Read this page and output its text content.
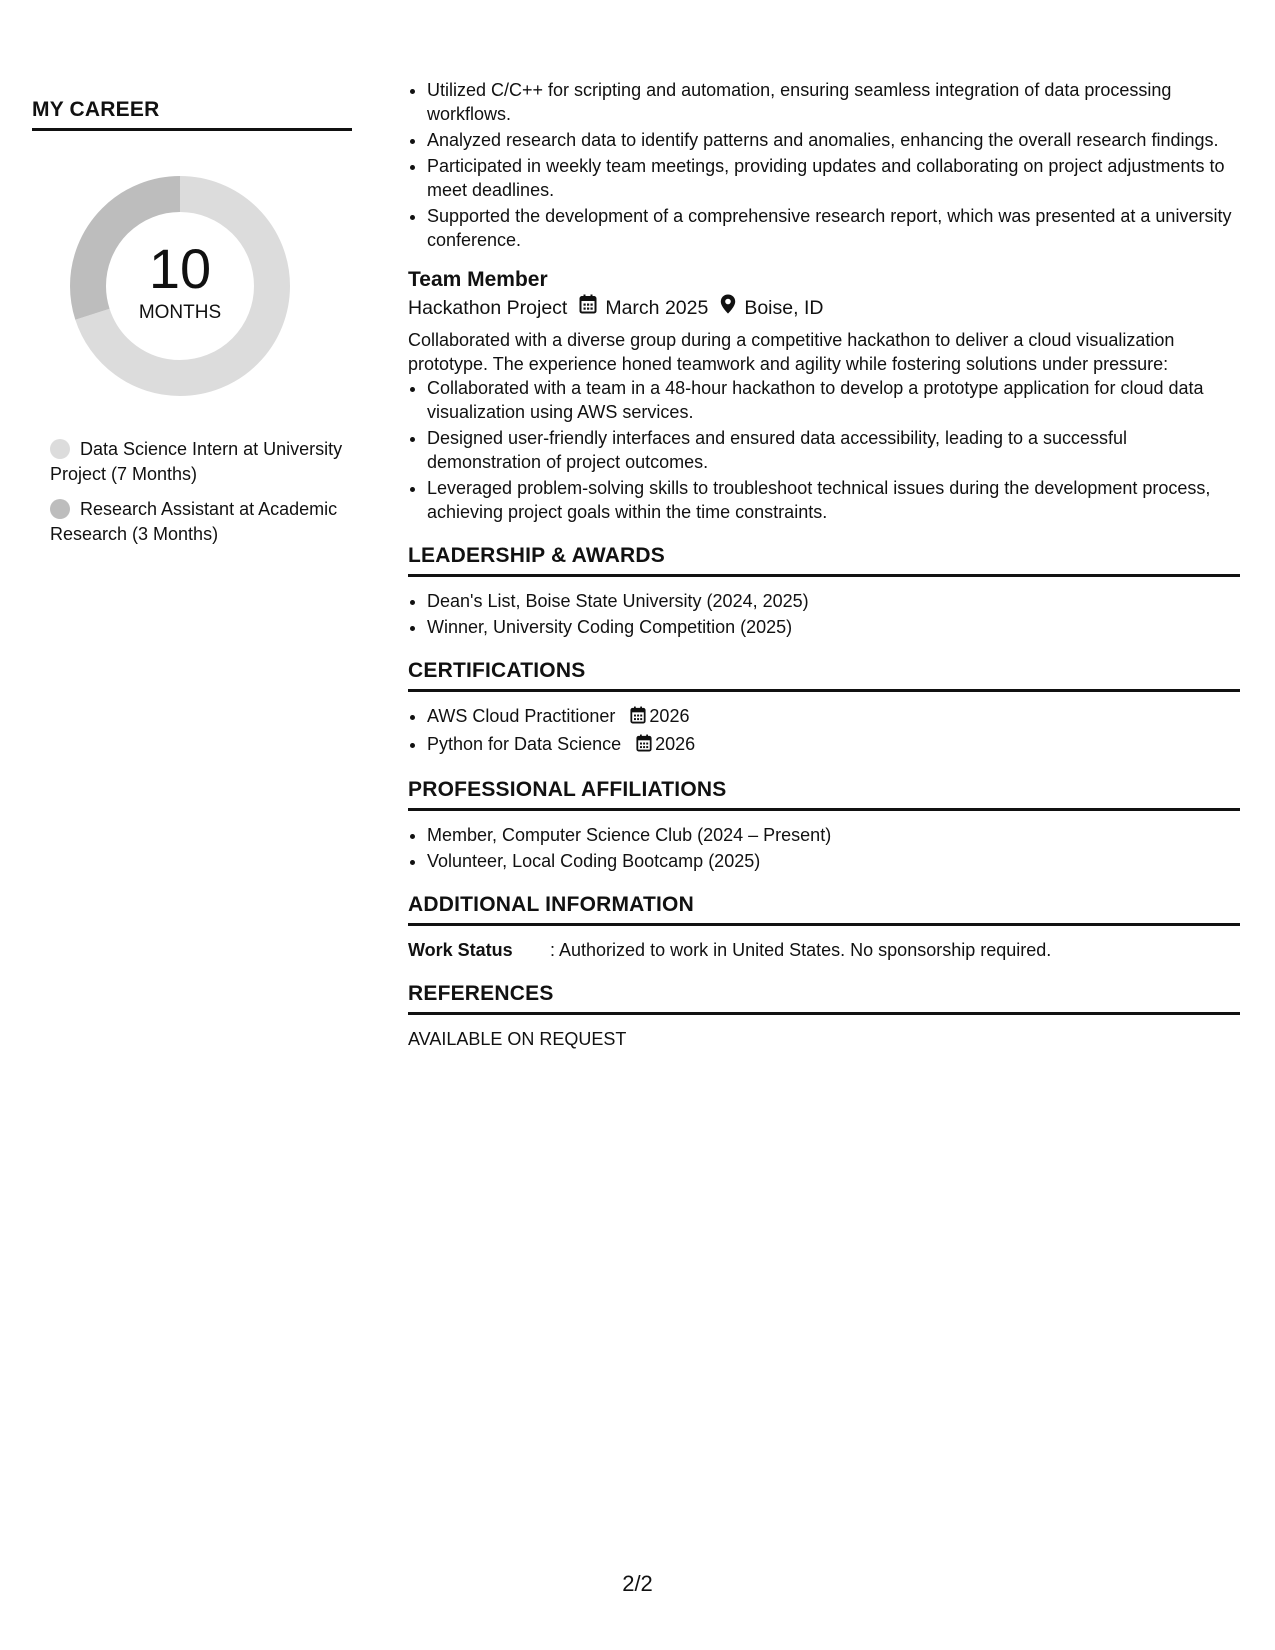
MY CAREER
10
MONTHS
Data Science Intern at University Project (7 Months)
Research Assistant at Academic Research (3 Months)
• Utilized C/C++ for scripting and automation, ensuring seamless integration of data processing workflows.
• Analyzed research data to identify patterns and anomalies, enhancing the overall research findings.
• Participated in weekly team meetings, providing updates and collaborating on project adjustments to meet deadlines.
• Supported the development of a comprehensive research report, which was presented at a university conference.
Team Member
Hackathon Project March 2025 Boise, ID
Collaborated with a diverse group during a competitive hackathon to deliver a cloud visualization prototype. The experience honed teamwork and agility while fostering solutions under pressure:
• Collaborated with a team in a 48-hour hackathon to develop a prototype application for cloud data visualization using AWS services.
• Designed user-friendly interfaces and ensured data accessibility, leading to a successful demonstration of project outcomes.
• Leveraged problem-solving skills to troubleshoot technical issues during the development process, achieving project goals within the time constraints.
LEADERSHIP & AWARDS
• Dean's List, Boise State University (2024, 2025)
• Winner, University Coding Competition (2025)
CERTIFICATIONS
• AWS Cloud Practitioner 2026
• Python for Data Science 2026
PROFESSIONAL AFFILIATIONS
• Member, Computer Science Club (2024 – Present)
• Volunteer, Local Coding Bootcamp (2025)
ADDITIONAL INFORMATION
Work Status	: Authorized to work in United States. No sponsorship required.
REFERENCES
AVAILABLE ON REQUEST
2/2
